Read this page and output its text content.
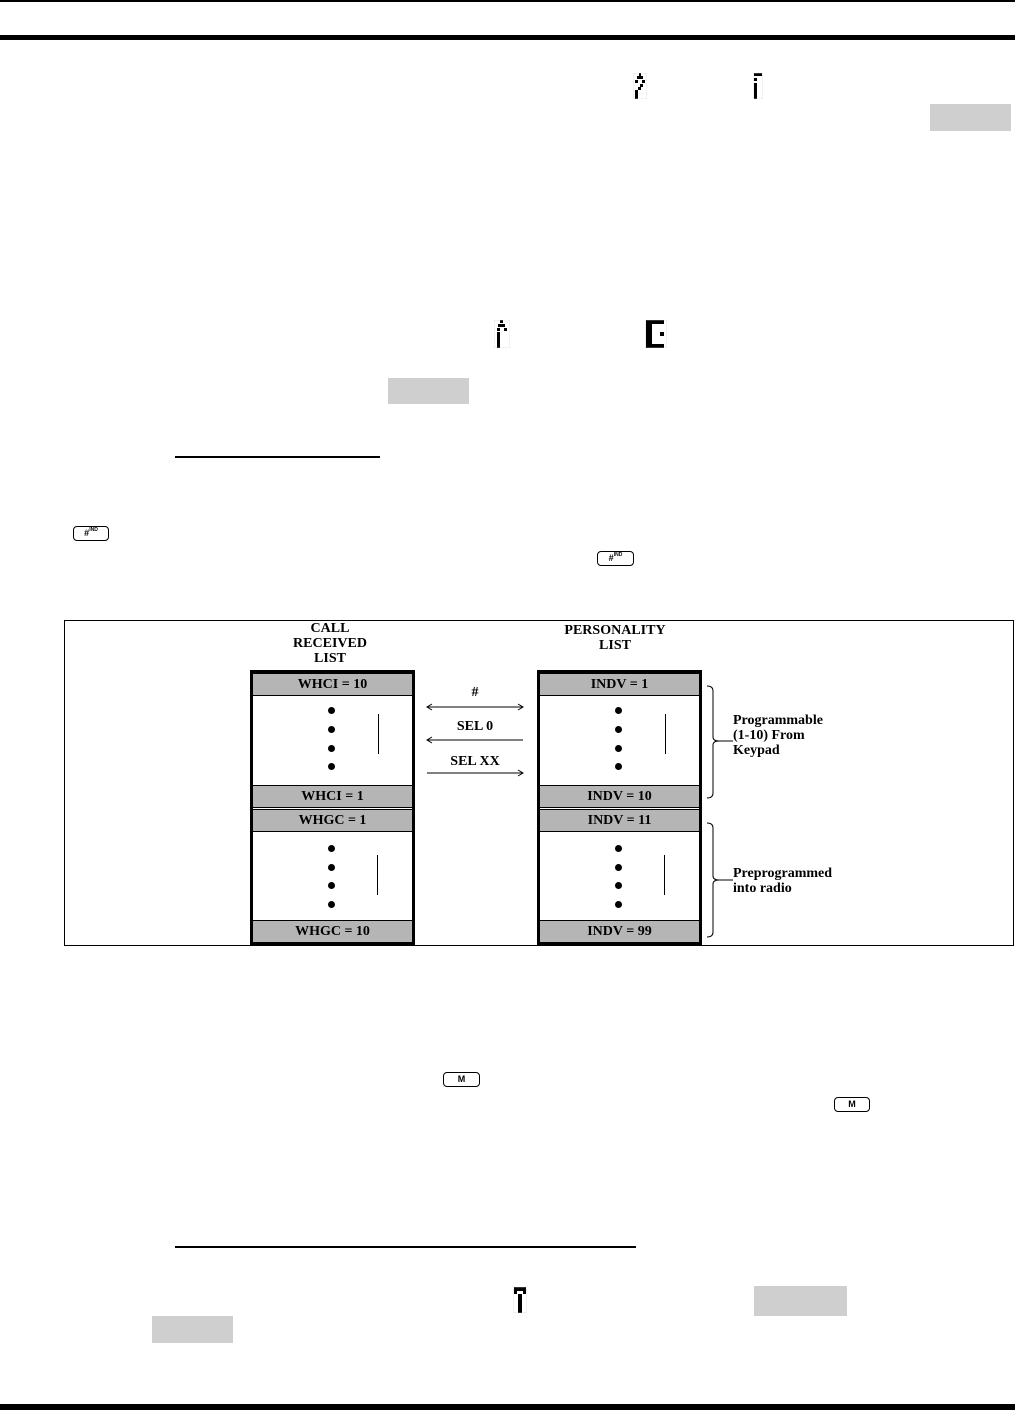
#$^{IND}$
#$^{IND}$
CALL
RECEIVED
LIST
PERSONALITY
LIST
WHCI = 10
WHCI = 1
WHGC = 1
WHGC = 10
INDV = 1
INDV = 10
INDV = 11
INDV = 99
#
SEL 0
SEL XX
Programmable
(1-10) From
Keypad
Preprogrammed
into radio
M
M
